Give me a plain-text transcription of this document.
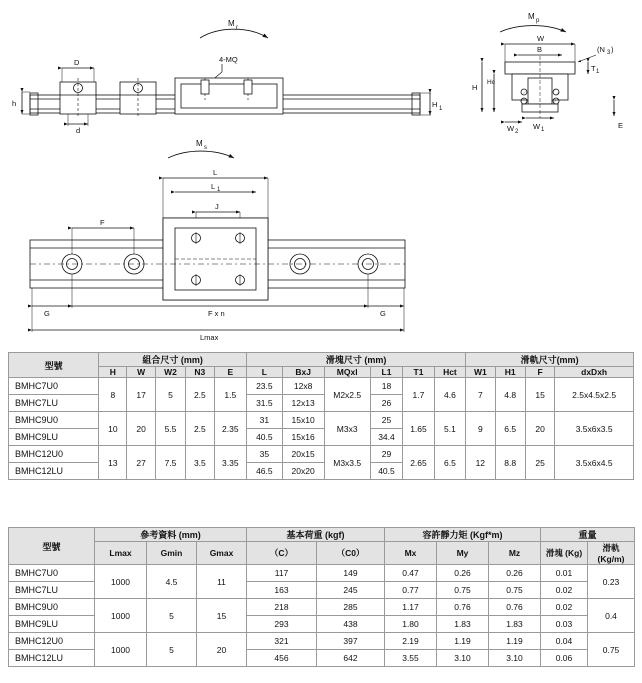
M r
4-MQ
D
d
h	H 1
M p
W
B	(N 3 )
T 1
H
Hc
W 2
W 1	E
M s
L
L 1
J
F
G	G
F x n
Lmax
型號	組合尺寸 (mm)					滑塊尺寸 (mm)						滑軌尺寸(mm)			
	H	W	W2	N3	E	L	BxJ	MQxl	L1	T1	Hct	W1	H1	F	dxDxh
BMHC7U0	8	17	5	2.5	1.5	23.5	12x8	M2x2.5	18	1.7	4.6	7	4.8	15	2.5x4.5x2.5
BMHC7LU						31.5	12x13		26						
BMHC9U0	10	20	5.5	2.5	2.35	31	15x10	M3x3	25	1.65	5.1	9	6.5	20	3.5x6x3.5
BMHC9LU						40.5	15x16		34.4						
BMHC12U0	13	27	7.5	3.5	3.35	35	20x15	M3x3.5	29	2.65	6.5	12	8.8	25	3.5x6x4.5
BMHC12LU						46.5	20x20		40.5						
型號	參考資料 (mm)			基本荷重 (kgf)		容許靜力矩 (Kgf*m)			重量	
	Lmax	Gmin	Gmax	（C）	（C0）	Mx	My	Mz	滑塊 (Kg)	滑軌 (Kg/m)
BMHC7U0	1000	4.5	11	117	149	0.47	0.26	0.26	0.01	0.23
BMHC7LU				163	245	0.77	0.75	0.75	0.02	
BMHC9U0	1000	5	15	218	285	1.17	0.76	0.76	0.02	0.4
BMHC9LU				293	438	1.80	1.83	1.83	0.03	
BMHC12U0	1000	5	20	321	397	2.19	1.19	1.19	0.04	0.75
BMHC12LU				456	642	3.55	3.10	3.10	0.06	
